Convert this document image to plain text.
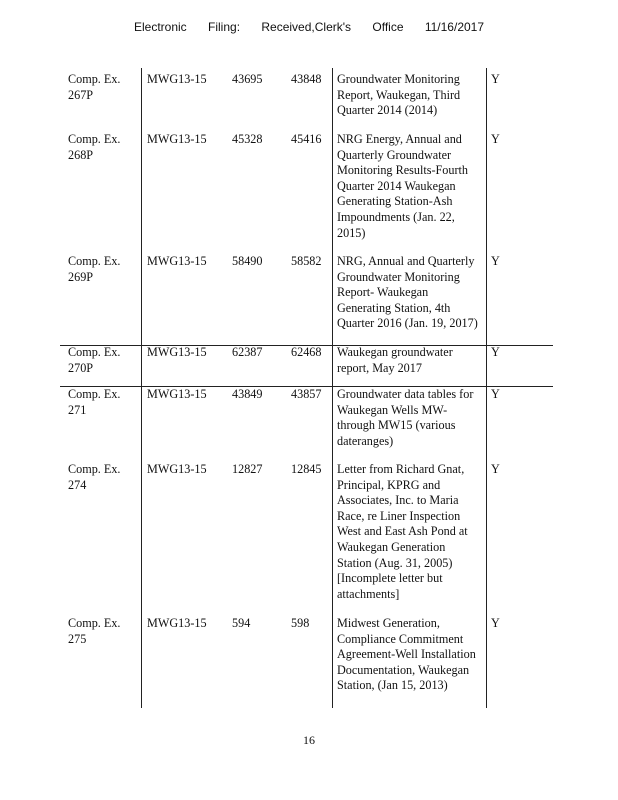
Electronic Filing: Received,Clerk's Office 11/16/2017
Comp. Ex.
267P
MWG13-15 43695 43848 Groundwater Monitoring
Report, Waukegan, Third
Quarter 2014 (2014)
Y
Comp. Ex.
268P
MWG13-15 45328 45416 NRG Energy, Annual and
Quarterly Groundwater
Monitoring Results-Fourth
Quarter 2014 Waukegan
Generating Station-Ash
Impoundments (Jan. 22,
2015)
Y
Comp. Ex.
269P
MWG13-15 58490 58582 NRG, Annual and Quarterly
Groundwater Monitoring
Report- Waukegan
Generating Station, 4th
Quarter 2016 (Jan. 19, 2017)
Y
Comp. Ex.
270P
MWG13-15 62387 62468 Waukegan groundwater
report, May 2017
Y
Comp. Ex.
271
MWG13-15 43849 43857 Groundwater data tables for
Waukegan Wells MW-
through MW15 (various
dateranges)
Y
Comp. Ex.
274
MWG13-15 12827 12845 Letter from Richard Gnat,
Principal, KPRG and
Associates, Inc. to Maria
Race, re Liner Inspection
West and East Ash Pond at
Waukegan Generation
Station (Aug. 31, 2005)
[Incomplete letter but
attachments]
Y
Comp. Ex.
275
MWG13-15 594	598 Midwest Generation,
Compliance Commitment
Agreement-Well Installation
Documentation, Waukegan
Station, (Jan 15, 2013)
Y
16
